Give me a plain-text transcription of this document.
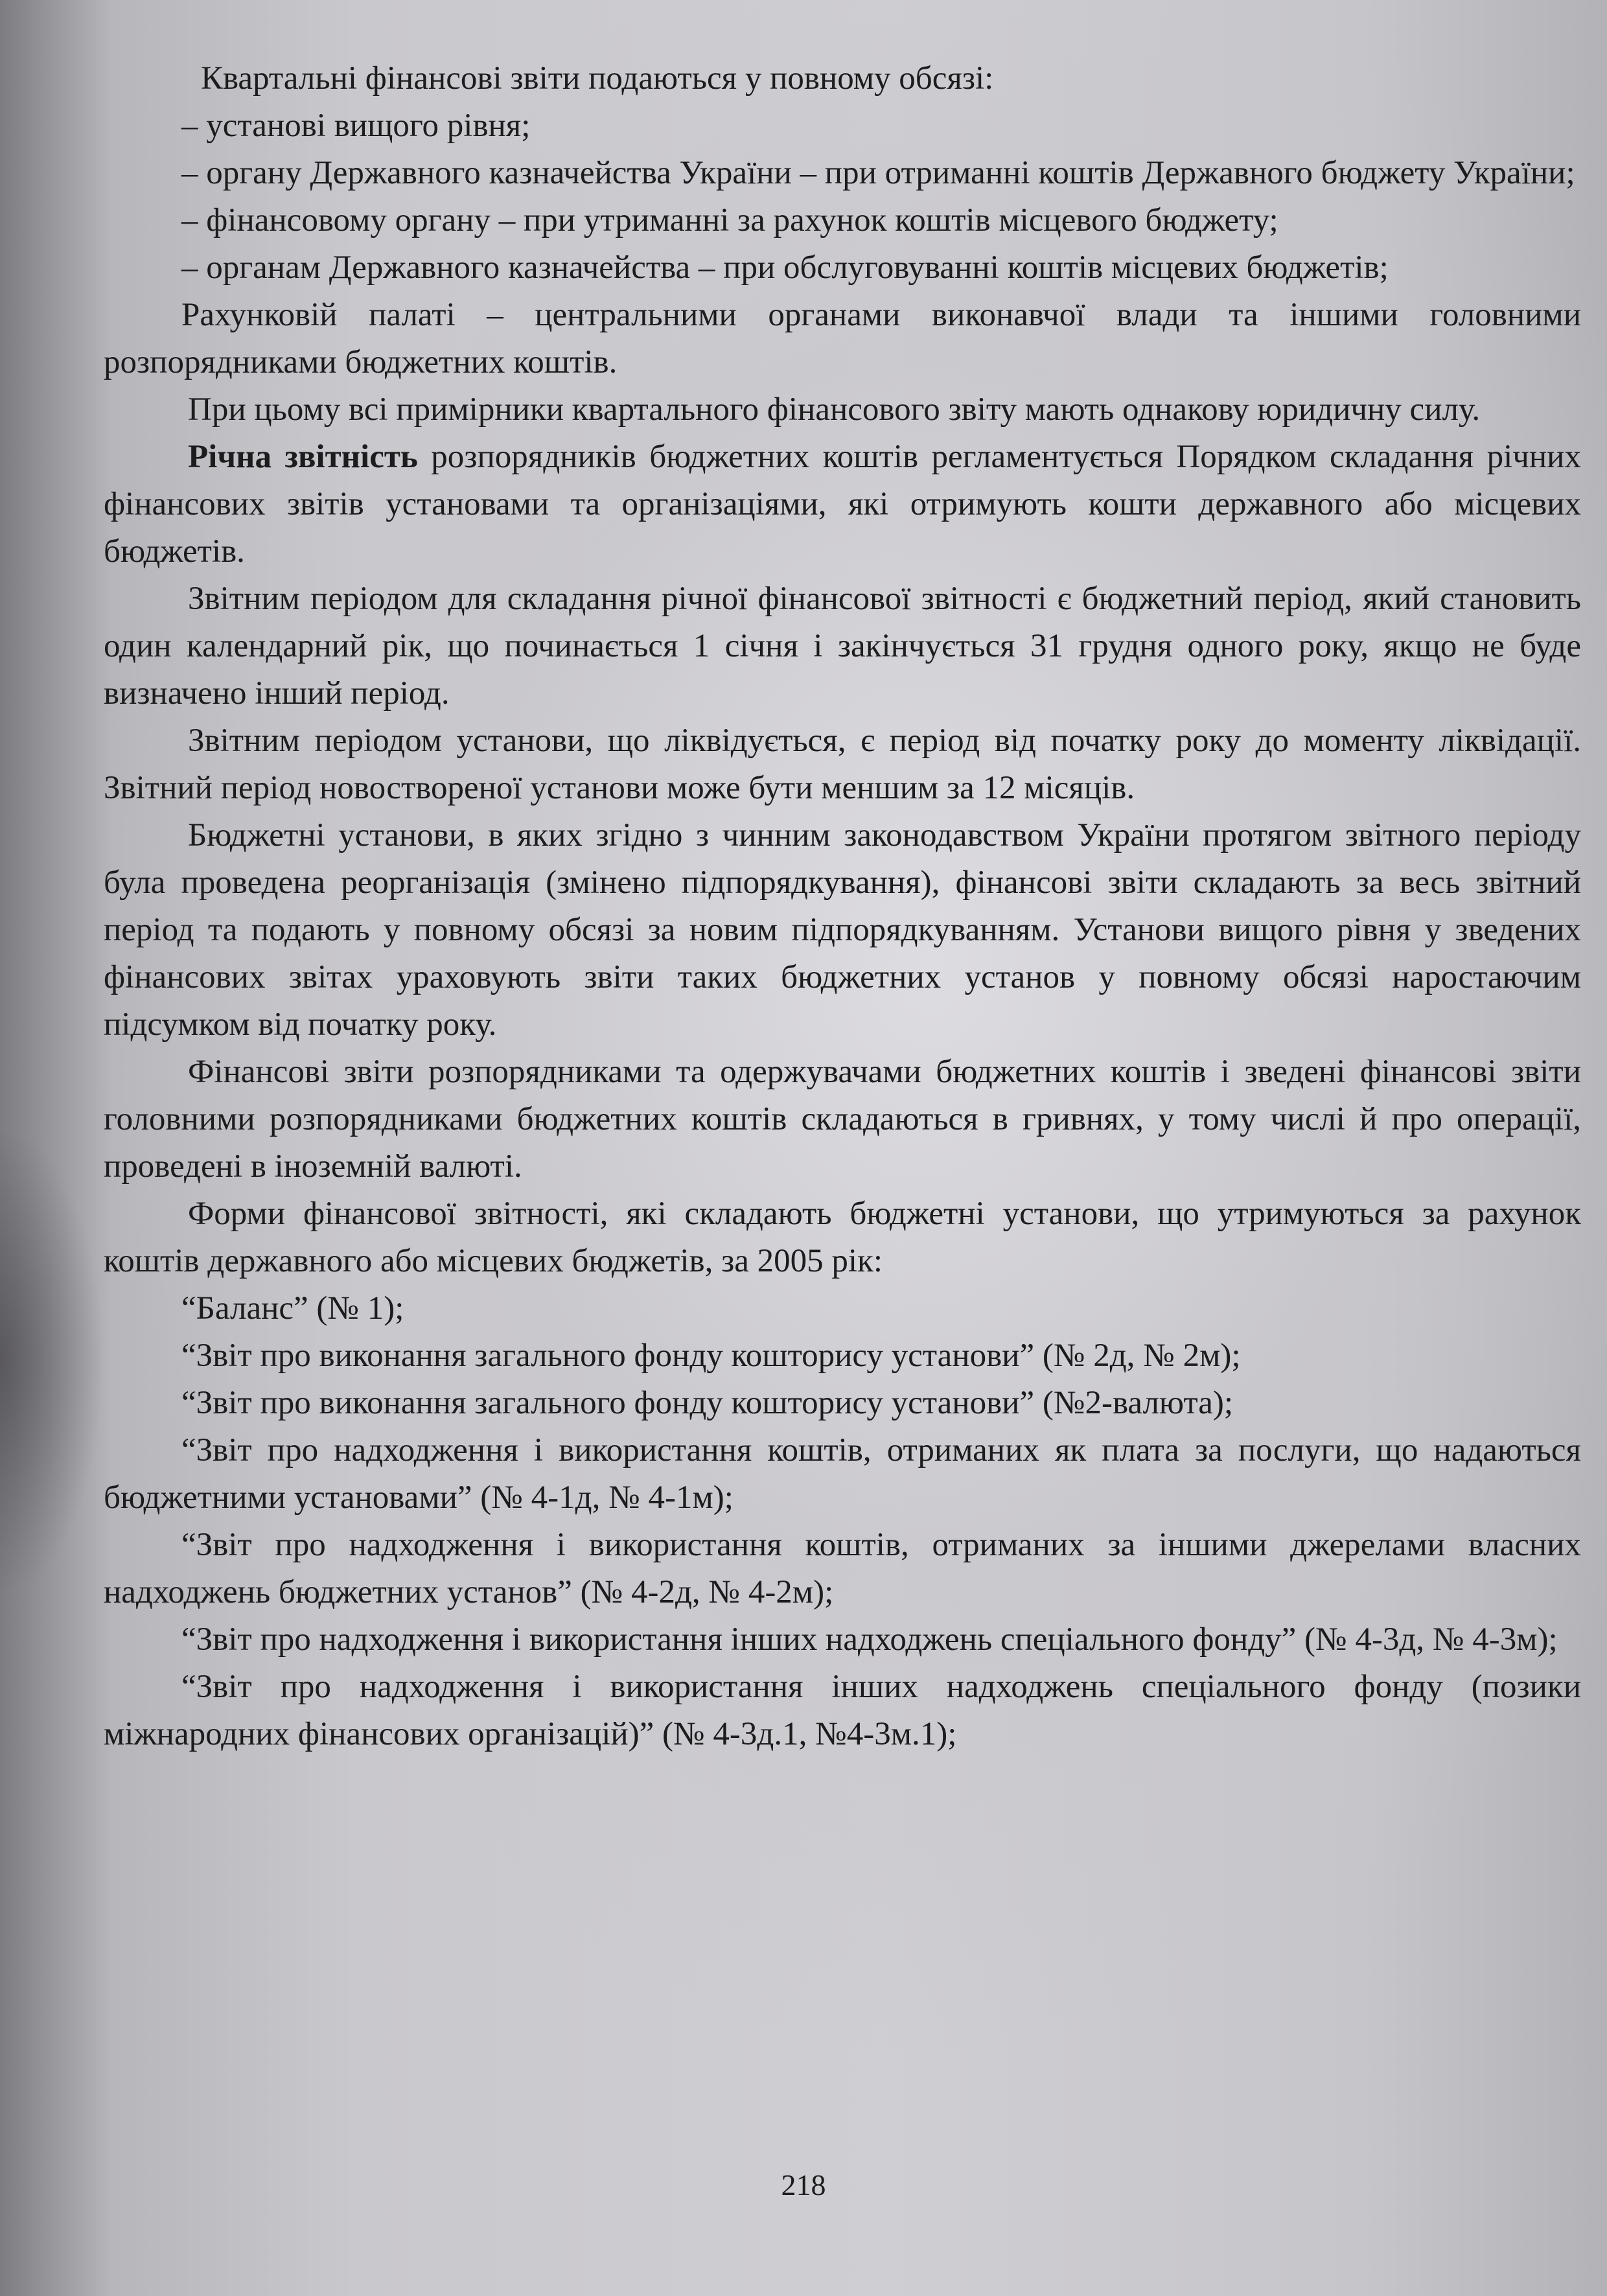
Квартальні фінансові звіти подаються у повному обсязі:

– установі вищого рівня;

– органу Державного казначейства України – при отриманні коштів Державного бюджету України;

– фінансовому органу – при утриманні за рахунок коштів місцевого бюджету;

– органам Державного казначейства – при обслуговуванні коштів місцевих бюджетів;

Рахунковій палаті – центральними органами виконавчої влади та іншими головними розпорядниками бюджетних коштів.

При цьому всі примірники квартального фінансового звіту мають однакову юридичну силу.

Річна звітність розпорядників бюджетних коштів регламентується Порядком складання річних фінансових звітів установами та організаціями, які отримують кошти державного або місцевих бюджетів.

Звітним періодом для складання річної фінансової звітності є бюджетний період, який становить один календарний рік, що починається 1 січня і закінчується 31 грудня одного року, якщо не буде визначено інший період.

Звітним періодом установи, що ліквідується, є період від початку року до моменту ліквідації. Звітний період новоствореної установи може бути меншим за 12 місяців.

Бюджетні установи, в яких згідно з чинним законодавством України протягом звітного періоду була проведена реорганізація (змінено підпорядкування), фінансові звіти складають за весь звітний період та подають у повному обсязі за новим підпорядкуванням. Установи вищого рівня у зведених фінансових звітах ураховують звіти таких бюджетних установ у повному обсязі наростаючим підсумком від початку року.

Фінансові звіти розпорядниками та одержувачами бюджетних коштів і зведені фінансові звіти головними розпорядниками бюджетних коштів складаються в гривнях, у тому числі й про операції, проведені в іноземній валюті.

Форми фінансової звітності, які складають бюджетні установи, що утримуються за рахунок коштів державного або місцевих бюджетів, за 2005 рік:

“Баланс” (№ 1);

“Звіт про виконання загального фонду кошторису установи” (№ 2д, № 2м);

“Звіт про виконання загального фонду кошторису установи” (№2-валюта);

“Звіт про надходження і використання коштів, отриманих як плата за послуги, що надаються бюджетними установами” (№ 4-1д, № 4-1м);

“Звіт про надходження і використання коштів, отриманих за іншими джерелами власних надходжень бюджетних установ” (№ 4-2д, № 4-2м);

“Звіт про надходження і використання інших надходжень спеціального фонду” (№ 4-3д, № 4-3м);

“Звіт про надходження і використання інших надходжень спеціального фонду (позики міжнародних фінансових організацій)” (№ 4-3д.1, №4-3м.1);

218
